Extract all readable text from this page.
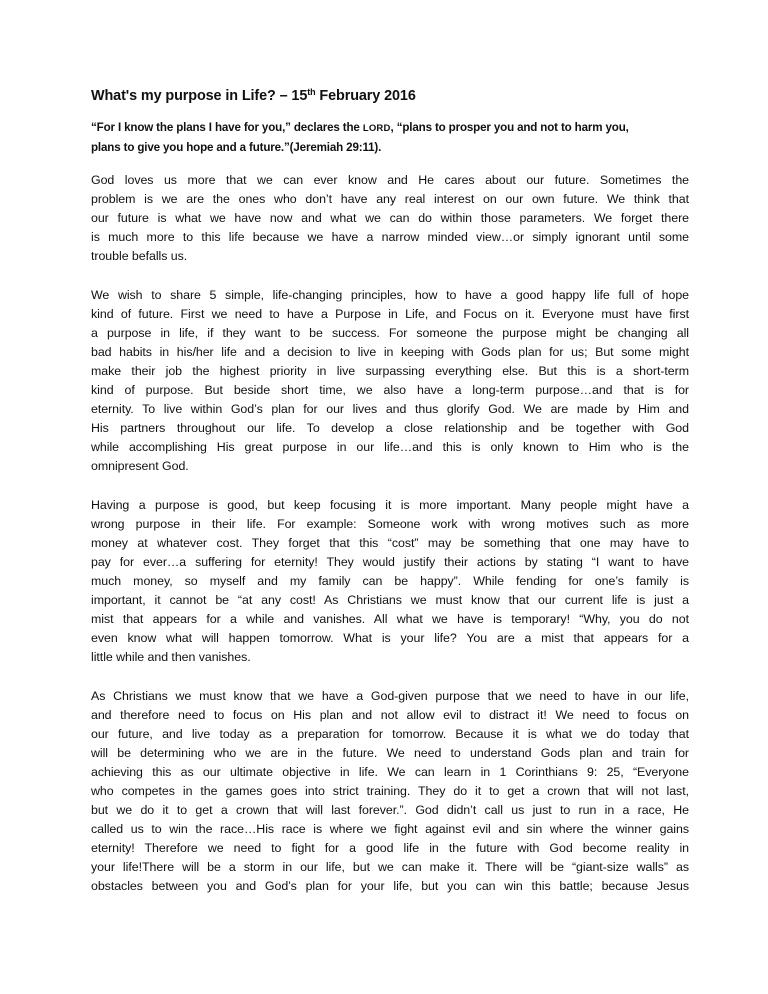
What's my purpose in Life? – 15th February 2016
“For I know the plans I have for you,” declares the LORD, “plans to prosper you and not to harm you,
plans to give you hope and a future.”(Jeremiah 29:11).
God loves us more that we can ever know and He cares about our future. Sometimes the
problem is we are the ones who don’t have any real interest on our own future. We think that
our future is what we have now and what we can do within those parameters. We forget there
is much more to this life because we have a narrow minded view…or simply ignorant until some
trouble befalls us.
We wish to share 5 simple, life-changing principles, how to have a good happy life full of hope
kind of future. First we need to have a Purpose in Life, and Focus on it. Everyone must have first
a purpose in life, if they want to be success. For someone the purpose might be changing all
bad habits in his/her life and a decision to live in keeping with Gods plan for us; But some might
make their job the highest priority in live surpassing everything else. But this is a short-term
kind of purpose. But beside short time, we also have a long-term purpose…and that is for
eternity. To live within God’s plan for our lives and thus glorify God. We are made by Him and
His partners throughout our life. To develop a close relationship and be together with God
while accomplishing His great purpose in our life…and this is only known to Him who is the
omnipresent God.
Having a purpose is good, but keep focusing it is more important. Many people might have a
wrong purpose in their life. For example: Someone work with wrong motives such as more
money at whatever cost. They forget that this “cost” may be something that one may have to
pay for ever…a suffering for eternity! They would justify their actions by stating “I want to have
much money, so myself and my family can be happy”. While fending for one’s family is
important, it cannot be “at any cost! As Christians we must know that our current life is just a
mist that appears for a while and vanishes. All what we have is temporary! “Why, you do not
even know what will happen tomorrow. What is your life? You are a mist that appears for a
little while and then vanishes.
As Christians we must know that we have a God-given purpose that we need to have in our life,
and therefore need to focus on His plan and not allow evil to distract it! We need to focus on
our future, and live today as a preparation for tomorrow. Because it is what we do today that
will be determining who we are in the future. We need to understand Gods plan and train for
achieving this as our ultimate objective in life. We can learn in 1 Corinthians 9: 25, “Everyone
who competes in the games goes into strict training. They do it to get a crown that will not last,
but we do it to get a crown that will last forever.”. God didn’t call us just to run in a race, He
called us to win the race…His race is where we fight against evil and sin where the winner gains
eternity! Therefore we need to fight for a good life in the future with God become reality in
your life!There will be a storm in our life, but we can make it. There will be “giant-size walls” as
obstacles between you and God’s plan for your life, but you can win this battle; because Jesus
